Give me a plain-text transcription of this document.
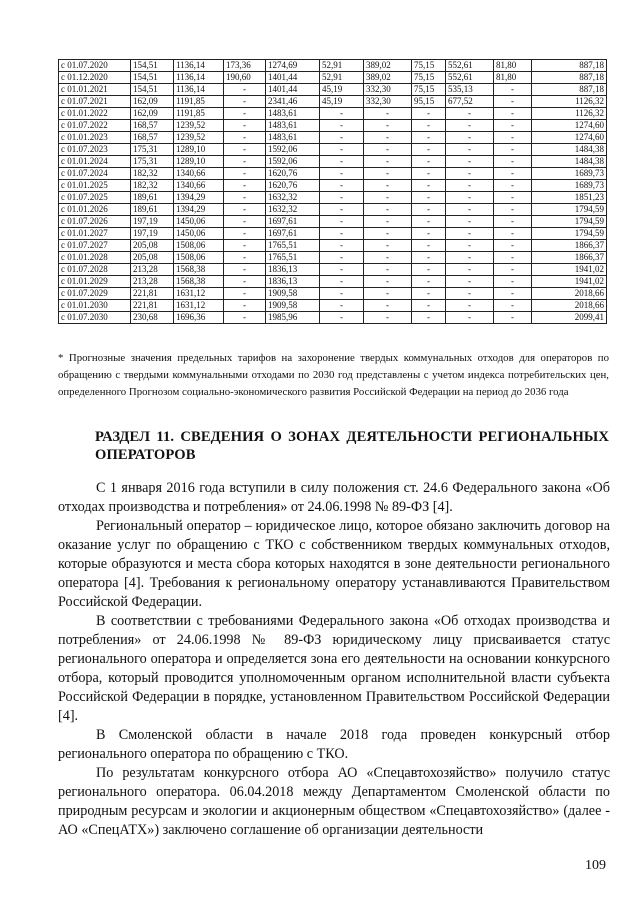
с 01.07.2020	154,51	1136,14	173,36	1274,69	52,91	389,02	75,15	552,61	81,80	887,18
с 01.12.2020	154,51	1136,14	190,60	1401,44	52,91	389,02	75,15	552,61	81,80	887,18
с 01.01.2021	154,51	1136,14	-	1401,44	45,19	332,30	75,15	535,13	-	887,18
с 01.07.2021	162,09	1191,85	-	2341,46	45,19	332,30	95,15	677,52	-	1126,32
с 01.01.2022	162,09	1191,85	-	1483,61	-	-	-	-	-	1126,32
с 01.07.2022	168,57	1239,52	-	1483,61	-	-	-	-	-	1274,60
с 01.01.2023	168,57	1239,52	-	1483,61	-	-	-	-	-	1274,60
с 01.07.2023	175,31	1289,10	-	1592,06	-	-	-	-	-	1484,38
с 01.01.2024	175,31	1289,10	-	1592,06	-	-	-	-	-	1484,38
с 01.07.2024	182,32	1340,66	-	1620,76	-	-	-	-	-	1689,73
с 01.01.2025	182,32	1340,66	-	1620,76	-	-	-	-	-	1689,73
с 01.07.2025	189,61	1394,29	-	1632,32	-	-	-	-	-	1851,23
с 01.01.2026	189,61	1394,29	-	1632,32	-	-	-	-	-	1794,59
с 01.07.2026	197,19	1450,06	-	1697,61	-	-	-	-	-	1794,59
с 01.01.2027	197,19	1450,06	-	1697,61	-	-	-	-	-	1794,59
с 01.07.2027	205,08	1508,06	-	1765,51	-	-	-	-	-	1866,37
с 01.01.2028	205,08	1508,06	-	1765,51	-	-	-	-	-	1866,37
с 01.07.2028	213,28	1568,38	-	1836,13	-	-	-	-	-	1941,02
с 01.01.2029	213,28	1568,38	-	1836,13	-	-	-	-	-	1941,02
с 01.07.2029	221,81	1631,12	-	1909,58	-	-	-	-	-	2018,66
с 01.01.2030	221,81	1631,12	-	1909,58	-	-	-	-	-	2018,66
с 01.07.2030	230,68	1696,36	-	1985,96	-	-	-	-	-	2099,41
* Прогнозные значения предельных тарифов на захоронение твердых коммунальных отходов для операторов по обращению с твердыми коммунальными отходами по 2030 год представлены с учетом индекса потребительских цен, определенного Прогнозом социально-экономического развития Российской Федерации на период до 2036 года
РАЗДЕЛ 11. СВЕДЕНИЯ О ЗОНАХ ДЕЯТЕЛЬНОСТИ РЕГИОНАЛЬНЫХ ОПЕРАТОРОВ

С 1 января 2016 года вступили в силу положения ст. 24.6 Федерального закона «Об отходах производства и потребления» от 24.06.1998 № 89-ФЗ [4].

Региональный оператор – юридическое лицо, которое обязано заключить договор на оказание услуг по обращению с ТКО с собственником твердых коммунальных отходов, которые образуются и места сбора которых находятся в зоне деятельности регионального оператора [4]. Требования к региональному оператору устанавливаются Правительством Российской Федерации.

В соответствии с требованиями Федерального закона «Об отходах производства и потребления» от 24.06.1998 № 89-ФЗ юридическому лицу присваивается статус регионального оператора и определяется зона его деятельности на основании конкурсного отбора, который проводится уполномоченным органом исполнительной власти субъекта Российской Федерации в порядке, установленном Правительством Российской Федерации [4].

В Смоленской области в начале 2018 года проведен конкурсный отбор регионального оператора по обращению с ТКО.

По результатам конкурсного отбора АО «Спецавтохозяйство» получило статус регионального оператора. 06.04.2018 между Департаментом Смоленской области по природным ресурсам и экологии и акционерным обществом «Спецавтохозяйство» (далее - АО «СпецАТХ») заключено соглашение об организации деятельности

109
